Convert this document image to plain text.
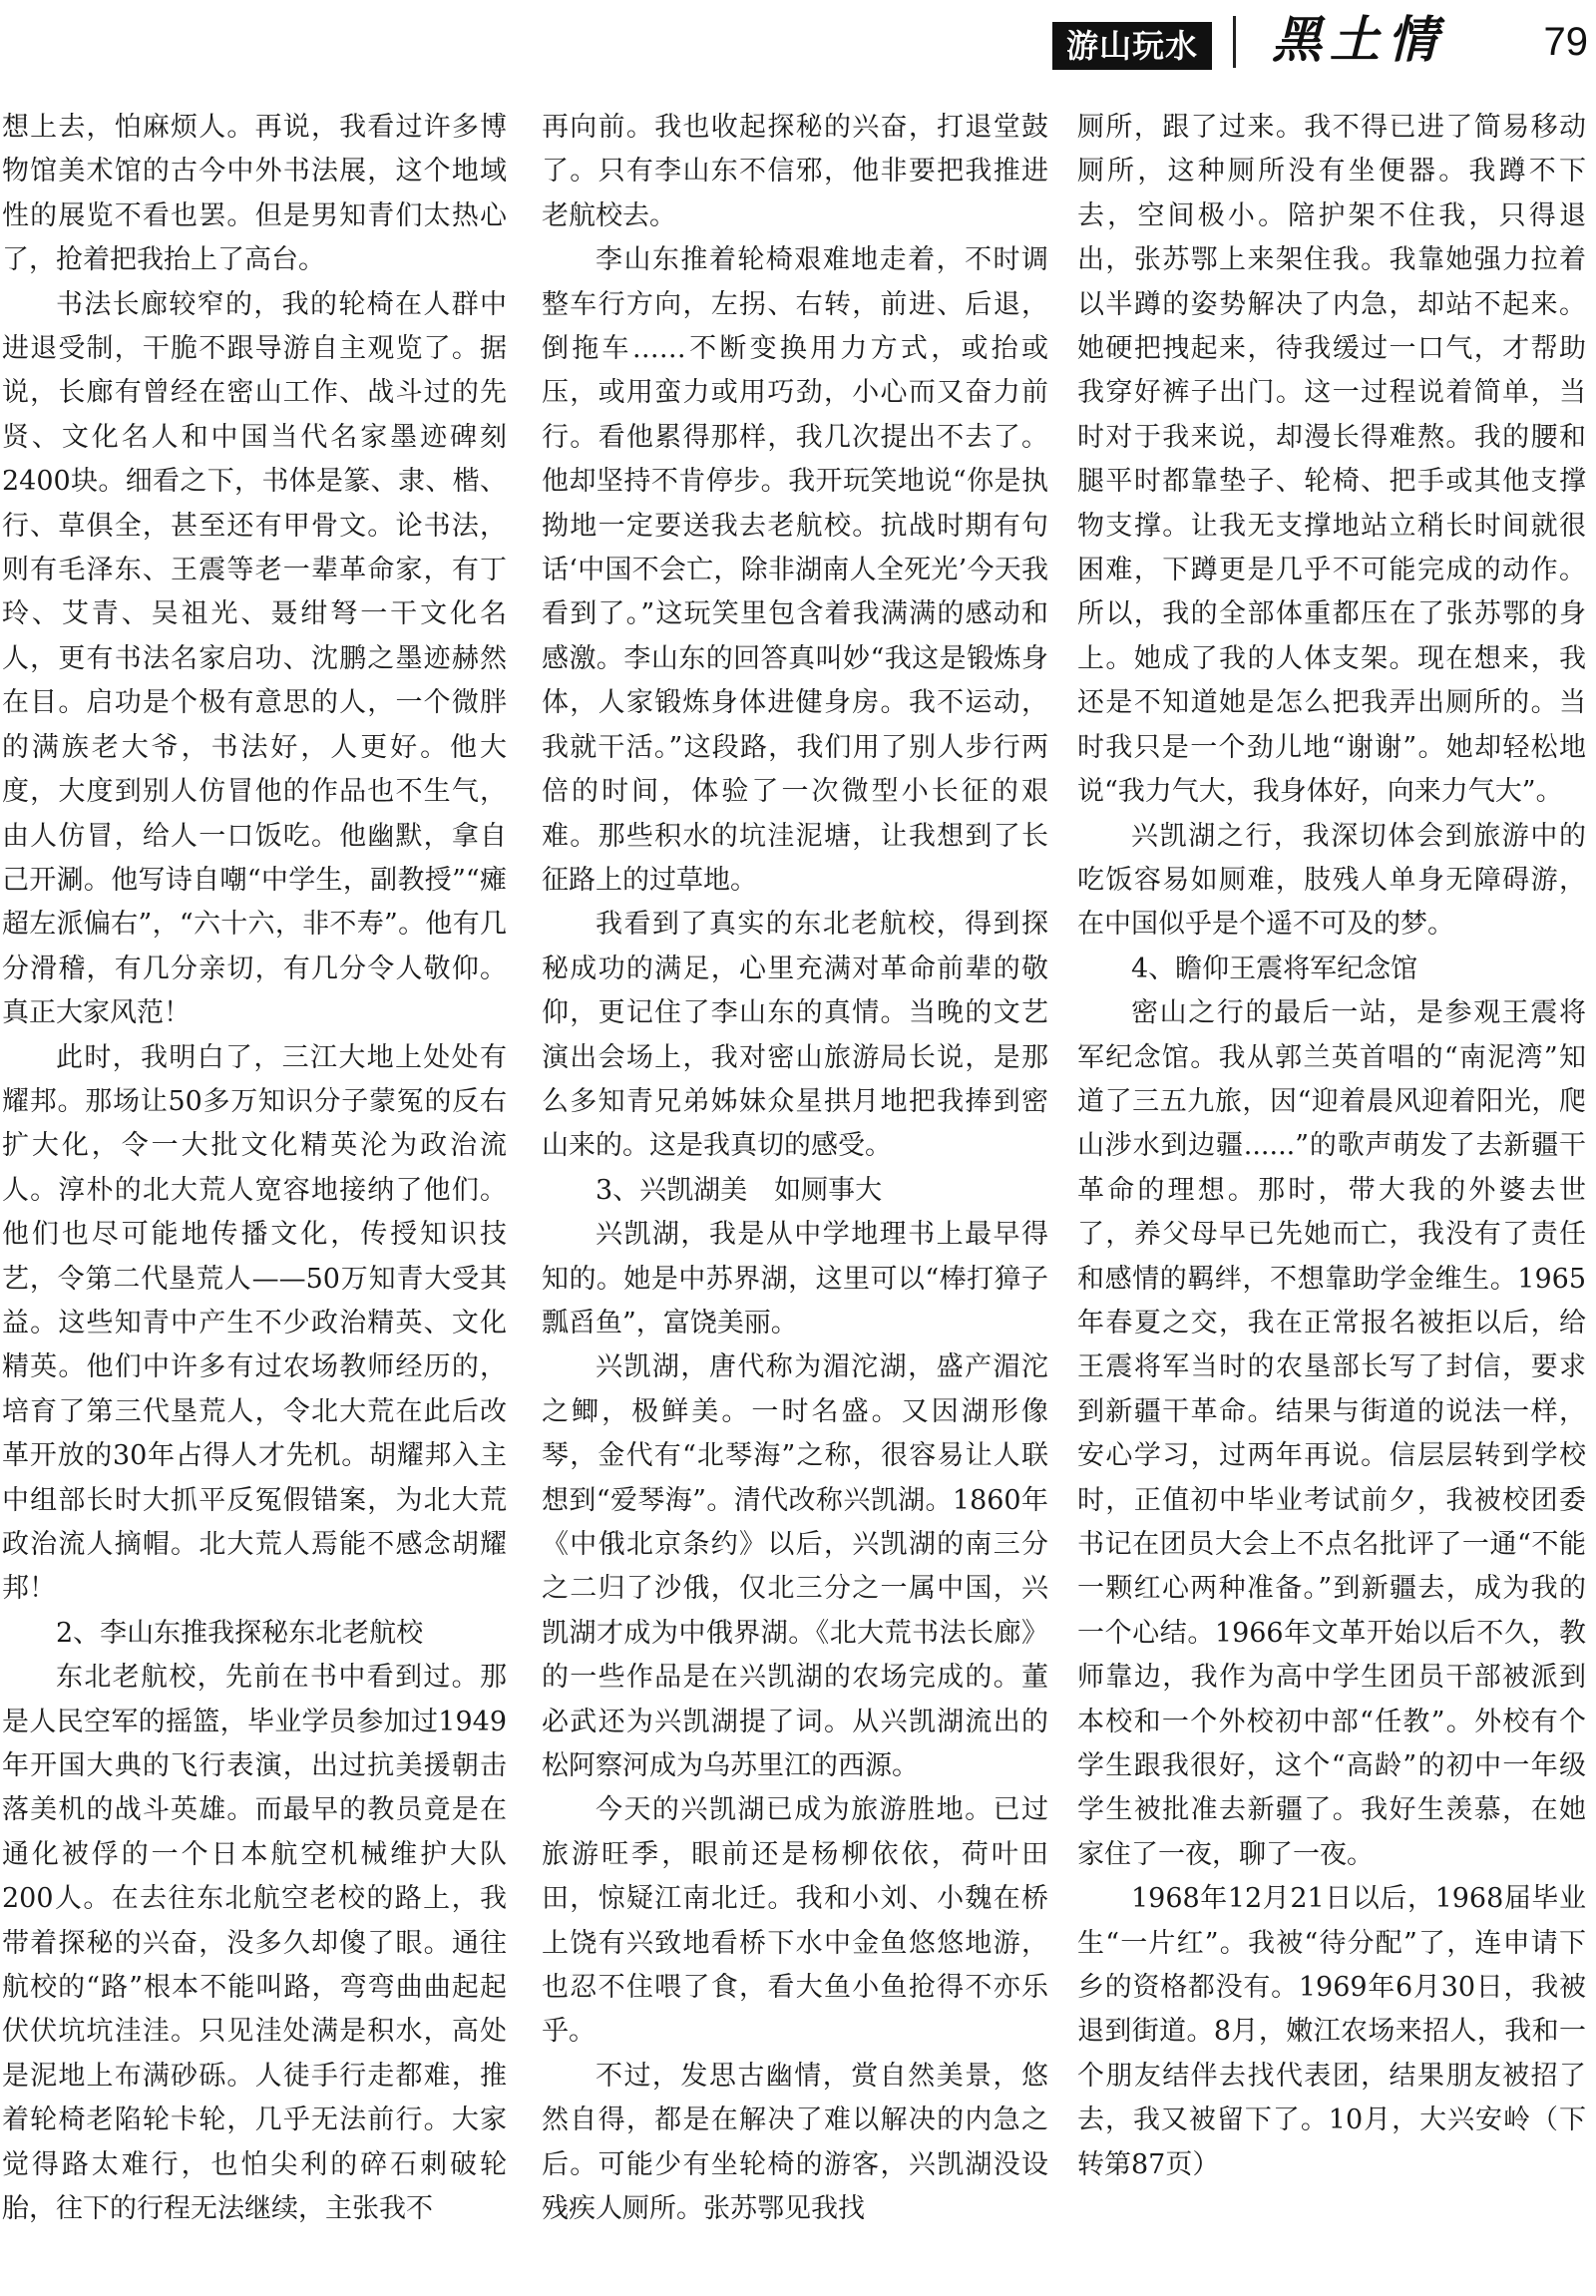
游山玩水 黑土情 79

想上去，怕麻烦人。再说，我看过许多博物馆美术馆的古今中外书法展，这个地域性的展览不看也罢。但是男知青们太热心了，抢着把我抬上了高台。

书法长廊较窄的，我的轮椅在人群中进退受制，干脆不跟导游自主观览了。据说，长廊有曾经在密山工作、战斗过的先贤、文化名人和中国当代名家墨迹碑刻2400块。细看之下，书体是篆、隶、楷、行、草俱全，甚至还有甲骨文。论书法，则有毛泽东、王震等老一辈革命家，有丁玲、艾青、吴祖光、聂绀弩一干文化名人，更有书法名家启功、沈鹏之墨迹赫然在目。启功是个极有意思的人，一个微胖的满族老大爷，书法好，人更好。他大度，大度到别人仿冒他的作品也不生气，由人仿冒，给人一口饭吃。他幽默，拿自己开涮。他写诗自嘲“中学生，副教授”“瘫超左派偏右”，“六十六，非不寿”。他有几分滑稽，有几分亲切，有几分令人敬仰。真正大家风范！

此时，我明白了，三江大地上处处有耀邦。那场让50多万知识分子蒙冤的反右扩大化，令一大批文化精英沦为政治流人。淳朴的北大荒人宽容地接纳了他们。他们也尽可能地传播文化，传授知识技艺，令第二代垦荒人——50万知青大受其益。这些知青中产生不少政治精英、文化精英。他们中许多有过农场教师经历的，培育了第三代垦荒人，令北大荒在此后改革开放的30年占得人才先机。胡耀邦入主中组部长时大抓平反冤假错案，为北大荒政治流人摘帽。北大荒人焉能不感念胡耀邦！

2、李山东推我探秘东北老航校

东北老航校，先前在书中看到过。那是人民空军的摇篮，毕业学员参加过1949年开国大典的飞行表演，出过抗美援朝击落美机的战斗英雄。而最早的教员竟是在通化被俘的一个日本航空机械维护大队200人。在去往东北航空老校的路上，我带着探秘的兴奋，没多久却傻了眼。通往航校的“路”根本不能叫路，弯弯曲曲起起伏伏坑坑洼洼。只见洼处满是积水，高处是泥地上布满砂砾。人徒手行走都难，推着轮椅老陷轮卡轮，几乎无法前行。大家觉得路太难行，也怕尖利的碎石刺破轮胎，往下的行程无法继续，主张我不

再向前。我也收起探秘的兴奋，打退堂鼓了。只有李山东不信邪，他非要把我推进老航校去。

李山东推着轮椅艰难地走着，不时调整车行方向，左拐、右转，前进、后退，倒拖车……不断变换用力方式，或抬或压，或用蛮力或用巧劲，小心而又奋力前行。看他累得那样，我几次提出不去了。他却坚持不肯停步。我开玩笑地说“你是执拗地一定要送我去老航校。抗战时期有句话‘中国不会亡，除非湖南人全死光’今天我看到了。”这玩笑里包含着我满满的感动和感激。李山东的回答真叫妙“我这是锻炼身体，人家锻炼身体进健身房。我不运动，我就干活。”这段路，我们用了别人步行两倍的时间，体验了一次微型小长征的艰难。那些积水的坑洼泥塘，让我想到了长征路上的过草地。

我看到了真实的东北老航校，得到探秘成功的满足，心里充满对革命前辈的敬仰，更记住了李山东的真情。当晚的文艺演出会场上，我对密山旅游局长说，是那么多知青兄弟姊妹众星拱月地把我捧到密山来的。这是我真切的感受。

3、兴凯湖美　如厕事大

兴凯湖，我是从中学地理书上最早得知的。她是中苏界湖，这里可以“棒打獐子瓢舀鱼”，富饶美丽。

兴凯湖，唐代称为湄沱湖，盛产湄沱之鲫，极鲜美。一时名盛。又因湖形像琴，金代有“北琴海”之称，很容易让人联想到“爱琴海”。清代改称兴凯湖。1860年《中俄北京条约》以后，兴凯湖的南三分之二归了沙俄，仅北三分之一属中国，兴凯湖才成为中俄界湖。《北大荒书法长廊》的一些作品是在兴凯湖的农场完成的。董必武还为兴凯湖提了词。从兴凯湖流出的松阿察河成为乌苏里江的西源。

今天的兴凯湖已成为旅游胜地。已过旅游旺季，眼前还是杨柳依依，荷叶田田，惊疑江南北迁。我和小刘、小魏在桥上饶有兴致地看桥下水中金鱼悠悠地游，也忍不住喂了食，看大鱼小鱼抢得不亦乐乎。

不过，发思古幽情，赏自然美景，悠然自得，都是在解决了难以解决的内急之后。可能少有坐轮椅的游客，兴凯湖没设残疾人厕所。张苏鄂见我找

厕所，跟了过来。我不得已进了简易移动厕所，这种厕所没有坐便器。我蹲不下去，空间极小。陪护架不住我，只得退出，张苏鄂上来架住我。我靠她强力拉着以半蹲的姿势解决了内急，却站不起来。她硬把拽起来，待我缓过一口气，才帮助我穿好裤子出门。这一过程说着简单，当时对于我来说，却漫长得难熬。我的腰和腿平时都靠垫子、轮椅、把手或其他支撑物支撑。让我无支撑地站立稍长时间就很困难，下蹲更是几乎不可能完成的动作。所以，我的全部体重都压在了张苏鄂的身上。她成了我的人体支架。现在想来，我还是不知道她是怎么把我弄出厕所的。当时我只是一个劲儿地“谢谢”。她却轻松地说“我力气大，我身体好，向来力气大”。

兴凯湖之行，我深切体会到旅游中的吃饭容易如厕难，肢残人单身无障碍游，在中国似乎是个遥不可及的梦。

4、瞻仰王震将军纪念馆

密山之行的最后一站，是参观王震将军纪念馆。我从郭兰英首唱的“南泥湾”知道了三五九旅，因“迎着晨风迎着阳光，爬山涉水到边疆......”的歌声萌发了去新疆干革命的理想。那时，带大我的外婆去世了，养父母早已先她而亡，我没有了责任和感情的羁绊，不想靠助学金维生。1965年春夏之交，我在正常报名被拒以后，给王震将军当时的农垦部长写了封信，要求到新疆干革命。结果与街道的说法一样，安心学习，过两年再说。信层层转到学校时，正值初中毕业考试前夕，我被校团委书记在团员大会上不点名批评了一通“不能一颗红心两种准备。”到新疆去，成为我的一个心结。1966年文革开始以后不久，教师靠边，我作为高中学生团员干部被派到本校和一个外校初中部“任教”。外校有个学生跟我很好，这个“高龄”的初中一年级学生被批准去新疆了。我好生羡慕，在她家住了一夜，聊了一夜。

1968年12月21日以后，1968届毕业生“一片红”。我被“待分配”了，连申请下乡的资格都没有。1969年6月30日，我被退到街道。8月，嫩江农场来招人，我和一个朋友结伴去找代表团，结果朋友被招了去，我又被留下了。10月，大兴安岭（下转第87页）
